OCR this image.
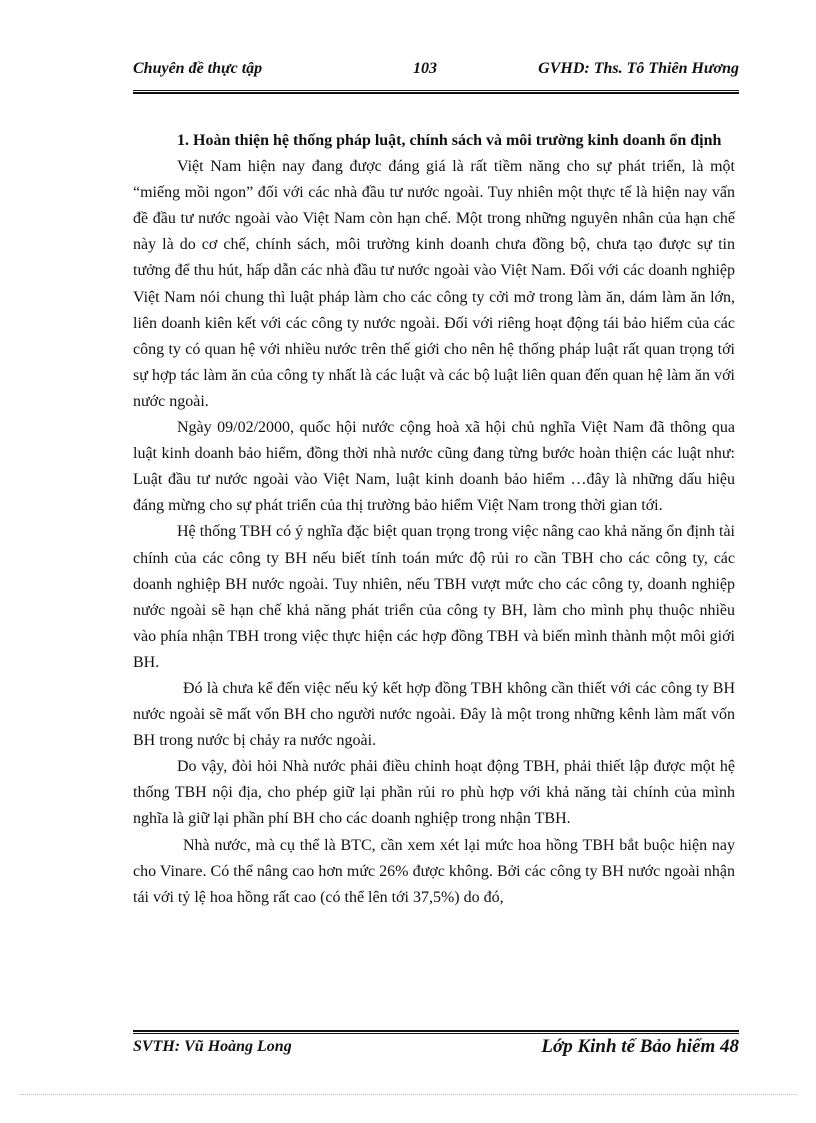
Chuyên đề thực tập	103	GVHD: Ths. Tô Thiên Hương

1. Hoàn thiện hệ thống pháp luật, chính sách và môi trường kinh doanh ổn định

Việt Nam hiện nay đang được đáng giá là rất tiềm năng cho sự phát triển, là một “miếng mồi ngon” đối với các nhà đầu tư nước ngoài. Tuy nhiên một thực tế là hiện nay vấn đề đầu tư nước ngoài vào Việt Nam còn hạn chế. Một trong những nguyên nhân của hạn chế này là do cơ chế, chính sách, môi trường kinh doanh chưa đồng bộ, chưa tạo được sự tin tưởng để thu hút, hấp dẫn các nhà đầu tư nước ngoài vào Việt Nam. Đối với các doanh nghiệp Việt Nam nói chung thì luật pháp làm cho các công ty cởi mở trong làm ăn, dám làm ăn lớn, liên doanh kiên kết với các công ty nước ngoài. Đối với riêng hoạt động tái bảo hiểm của các công ty có quan hệ với nhiều nước trên thế giới cho nên hệ thống pháp luật rất quan trọng tới sự hợp tác làm ăn của công ty nhất là các luật và các bộ luật liên quan đến quan hệ làm ăn với nước ngoài.

Ngày 09/02/2000, quốc hội nước cộng hoà xã hội chủ nghĩa Việt Nam đã thông qua luật kinh doanh bảo hiểm, đồng thời nhà nước cũng đang từng bước hoàn thiện các luật như: Luật đầu tư nước ngoài vào Việt Nam, luật kinh doanh bảo hiểm …đây là những dấu hiệu đáng mừng cho sự phát triển của thị trường bảo hiểm Việt Nam trong thời gian tới.

Hệ thống TBH có ý nghĩa đặc biệt quan trọng trong việc nâng cao khả năng ổn định tài chính của các công ty BH nếu biết tính toán mức độ rủi ro cần TBH cho các công ty, các doanh nghiệp BH nước ngoài. Tuy nhiên, nếu TBH vượt mức cho các công ty, doanh nghiệp nước ngoài sẽ hạn chế khả năng phát triển của công ty BH, làm cho mình phụ thuộc nhiều vào phía nhận TBH trong việc thực hiện các hợp đồng TBH và biến mình thành một môi giới BH.

Đó là chưa kể đến việc nếu ký kết hợp đồng TBH không cần thiết với các công ty BH nước ngoài sẽ mất vốn BH cho người nước ngoài. Đây là một trong những kênh làm mất vốn BH trong nước bị chảy ra nước ngoài.

Do vậy, đòi hỏi Nhà nước phải điều chỉnh hoạt động TBH, phải thiết lập được một hệ thống TBH nội địa, cho phép giữ lại phần rủi ro phù hợp với khả năng tài chính của mình nghĩa là giữ lại phần phí BH cho các doanh nghiệp trong nhận TBH.

Nhà nước, mà cụ thể là BTC, cần xem xét lại mức hoa hồng TBH bắt buộc hiện nay cho Vinare. Có thể nâng cao hơn mức 26% được không. Bởi các công ty BH nước ngoài nhận tái với tỷ lệ hoa hồng rất cao (có thể lên tới 37,5%) do đó,

SVTH: Vũ Hoàng Long	Lớp Kinh tế Bảo hiểm 48
